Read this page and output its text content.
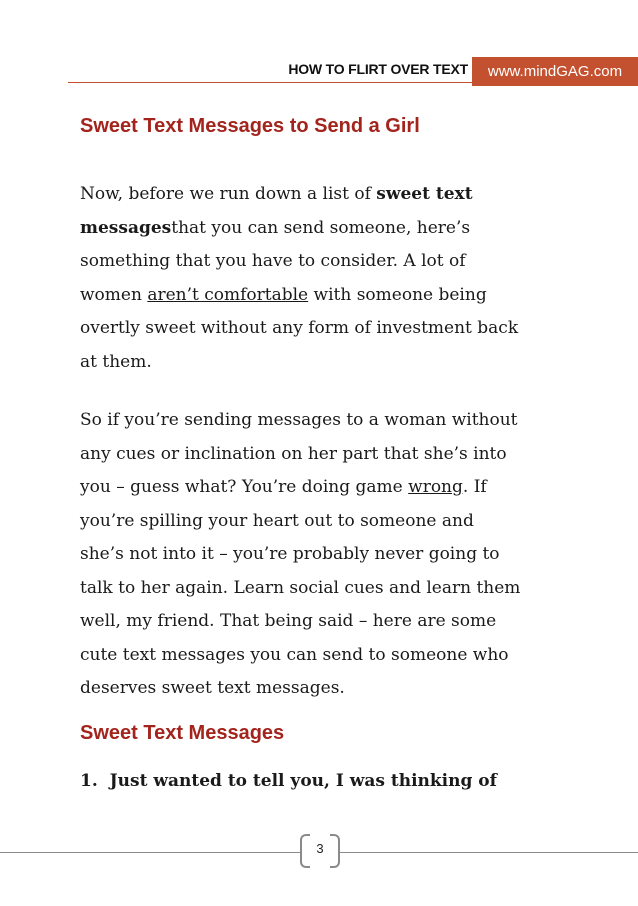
HOW TO FLIRT OVER TEXT	www.mindGAG.com
Sweet Text Messages to Send a Girl

Now, before we run down a list of sweet text
messagesthat you can send someone, here’s
something that you have to consider. A lot of
women aren’t comfortable with someone being
overtly sweet without any form of investment back
at them.

So if you’re sending messages to a woman without
any cues or inclination on her part that she’s into
you – guess what? You’re doing game wrong. If
you’re spilling your heart out to someone and
she’s not into it – you’re probably never going to
talk to her again. Learn social cues and learn them
well, my friend. That being said – here are some
cute text messages you can send to someone who
deserves sweet text messages.

Sweet Text Messages

1. Just wanted to tell you, I was thinking of

3
